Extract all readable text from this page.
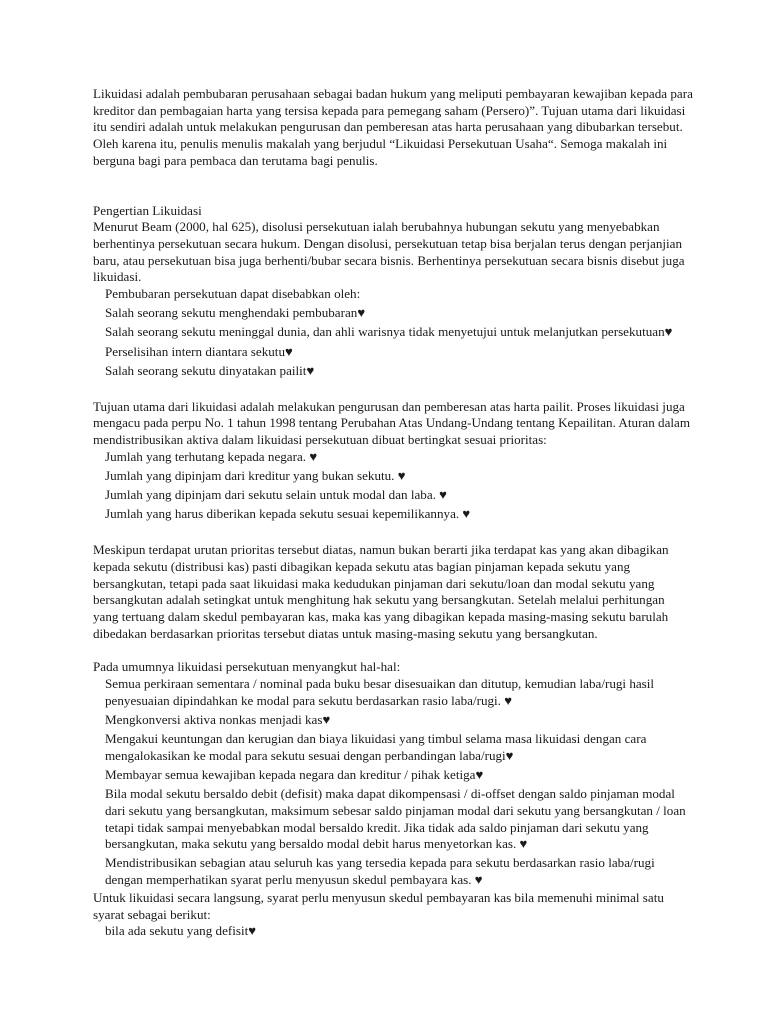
Likuidasi adalah pembubaran perusahaan sebagai badan hukum yang meliputi pembayaran kewajiban kepada para kreditor dan pembagaian harta yang tersisa kepada para pemegang saham (Persero)”. Tujuan utama dari likuidasi itu sendiri adalah untuk melakukan pengurusan dan pemberesan atas harta perusahaan yang dibubarkan tersebut.

Oleh karena itu, penulis menulis makalah yang berjudul “Likuidasi Persekutuan Usaha“. Semoga makalah ini berguna bagi para pembaca dan terutama bagi penulis.

Pengertian Likuidasi

Menurut Beam (2000, hal 625), disolusi persekutuan ialah berubahnya hubungan sekutu yang menyebabkan berhentinya persekutuan secara hukum. Dengan disolusi, persekutuan tetap bisa berjalan terus dengan perjanjian baru, atau persekutuan bisa juga berhenti/bubar secara bisnis. Berhentinya persekutuan secara bisnis disebut juga likuidasi.

Pembubaran persekutuan dapat disebabkan oleh:

Salah seorang sekutu menghendaki pembubaran♥

Salah seorang sekutu meninggal dunia, dan ahli warisnya tidak menyetujui untuk melanjutkan persekutuan♥

Perselisihan intern diantara sekutu♥

Salah seorang sekutu dinyatakan pailit♥

Tujuan utama dari likuidasi adalah melakukan pengurusan dan pemberesan atas harta pailit. Proses likuidasi juga mengacu pada perpu No. 1 tahun 1998 tentang Perubahan Atas Undang-Undang tentang Kepailitan. Aturan dalam mendistribusikan aktiva dalam likuidasi persekutuan dibuat bertingkat sesuai prioritas:

Jumlah yang terhutang kepada negara. ♥

Jumlah yang dipinjam dari kreditur yang bukan sekutu. ♥

Jumlah yang dipinjam dari sekutu selain untuk modal dan laba. ♥

Jumlah yang harus diberikan kepada sekutu sesuai kepemilikannya. ♥

Meskipun terdapat urutan prioritas tersebut diatas, namun bukan berarti jika terdapat kas yang akan dibagikan kepada sekutu (distribusi kas) pasti dibagikan kepada sekutu atas bagian pinjaman kepada sekutu yang bersangkutan, tetapi pada saat likuidasi maka kedudukan pinjaman dari sekutu/loan dan modal sekutu yang bersangkutan adalah setingkat untuk menghitung hak sekutu yang bersangkutan. Setelah melalui perhitungan yang tertuang dalam skedul pembayaran kas, maka kas yang dibagikan kepada masing-masing sekutu barulah dibedakan berdasarkan prioritas tersebut diatas untuk masing-masing sekutu yang bersangkutan.

Pada umumnya likuidasi persekutuan menyangkut hal-hal:

Semua perkiraan sementara / nominal pada buku besar disesuaikan dan ditutup, kemudian laba/rugi hasil penyesuaian dipindahkan ke modal para sekutu berdasarkan rasio laba/rugi. ♥

Mengkonversi aktiva nonkas menjadi kas♥

Mengakui keuntungan dan kerugian dan biaya likuidasi yang timbul selama masa likuidasi dengan cara mengalokasikan ke modal para sekutu sesuai dengan perbandingan laba/rugi♥

Membayar semua kewajiban kepada negara dan kreditur / pihak ketiga♥

Bila modal sekutu bersaldo debit (defisit) maka dapat dikompensasi / di-offset dengan saldo pinjaman modal dari sekutu yang bersangkutan, maksimum sebesar saldo pinjaman modal dari sekutu yang bersangkutan / loan tetapi tidak sampai menyebabkan modal bersaldo kredit. Jika tidak ada saldo pinjaman dari sekutu yang bersangkutan, maka sekutu yang bersaldo modal debit harus menyetorkan kas. ♥

Mendistribusikan sebagian atau seluruh kas yang tersedia kepada para sekutu berdasarkan rasio laba/rugi dengan memperhatikan syarat perlu menyusun skedul pembayara kas. ♥

Untuk likuidasi secara langsung, syarat perlu menyusun skedul pembayaran kas bila memenuhi minimal satu syarat sebagai berikut:

bila ada sekutu yang defisit♥
